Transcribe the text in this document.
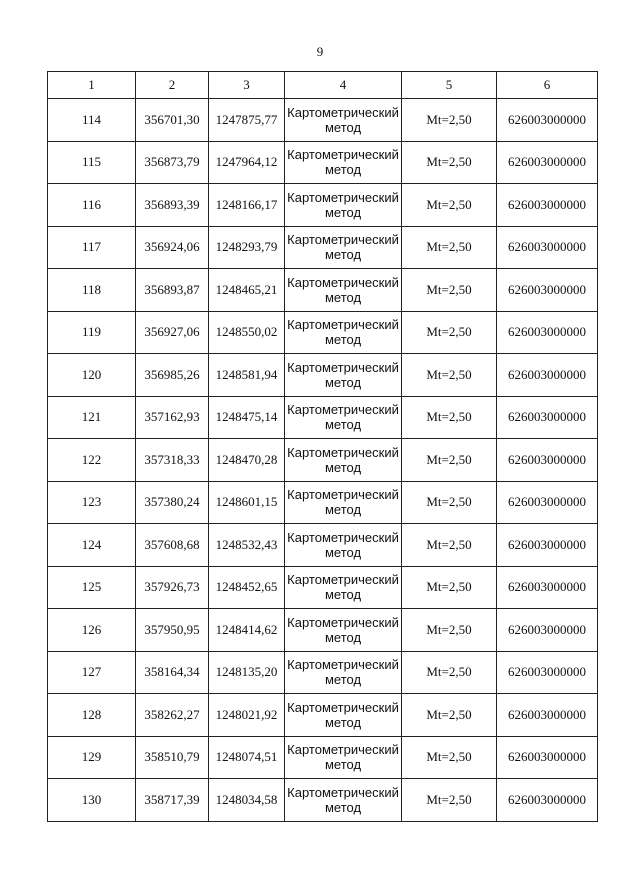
9
1	2	3	4	5	6
114	356701,30	1247875,77	Картометрический метод	Mt=2,50	626003000000
115	356873,79	1247964,12	Картометрический метод	Mt=2,50	626003000000
116	356893,39	1248166,17	Картометрический метод	Mt=2,50	626003000000
117	356924,06	1248293,79	Картометрический метод	Mt=2,50	626003000000
118	356893,87	1248465,21	Картометрический метод	Mt=2,50	626003000000
119	356927,06	1248550,02	Картометрический метод	Mt=2,50	626003000000
120	356985,26	1248581,94	Картометрический метод	Mt=2,50	626003000000
121	357162,93	1248475,14	Картометрический метод	Mt=2,50	626003000000
122	357318,33	1248470,28	Картометрический метод	Mt=2,50	626003000000
123	357380,24	1248601,15	Картометрический метод	Mt=2,50	626003000000
124	357608,68	1248532,43	Картометрический метод	Mt=2,50	626003000000
125	357926,73	1248452,65	Картометрический метод	Mt=2,50	626003000000
126	357950,95	1248414,62	Картометрический метод	Mt=2,50	626003000000
127	358164,34	1248135,20	Картометрический метод	Mt=2,50	626003000000
128	358262,27	1248021,92	Картометрический метод	Mt=2,50	626003000000
129	358510,79	1248074,51	Картометрический метод	Mt=2,50	626003000000
130	358717,39	1248034,58	Картометрический метод	Mt=2,50	626003000000
